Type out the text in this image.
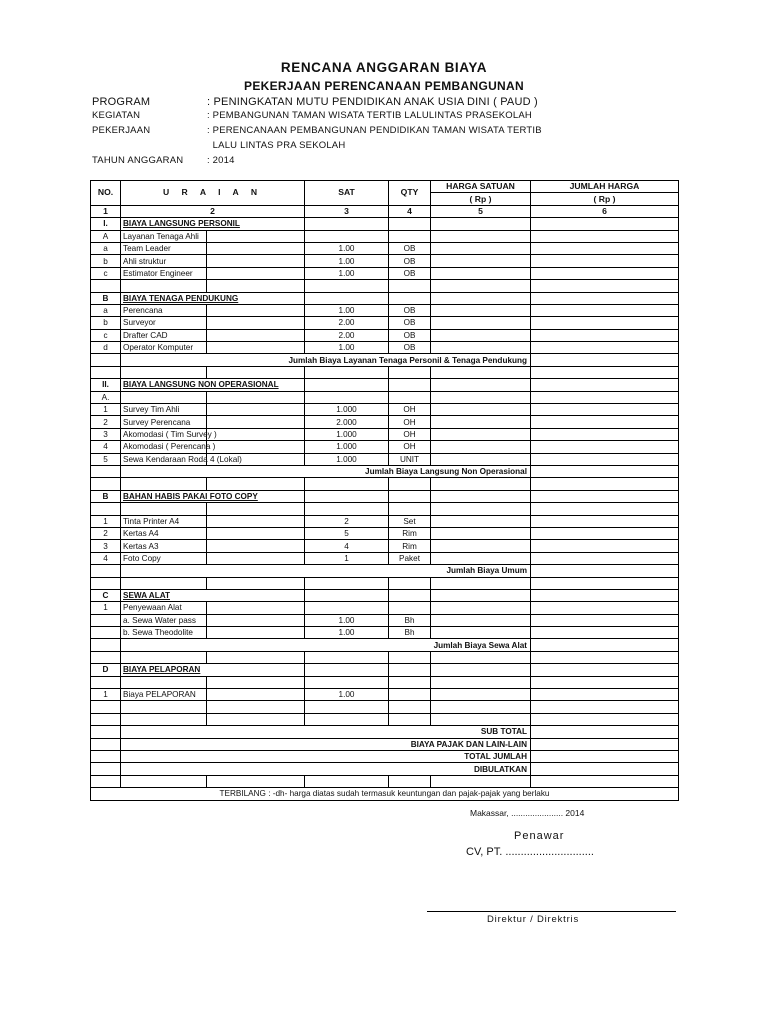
RENCANA ANGGARAN BIAYA
PEKERJAAN PERENCANAAN PEMBANGUNAN
NO.	U R A I A N		SAT	QTY	HARGA SATUAN	JUMLAH HARGA
					( Rp )	( Rp )
1	2		3	4	5	6
I.	BIAYA LANGSUNG PERSONIL					
A	Layanan Tenaga Ahli					
a	Team Leader		1.00	OB		
b	Ahli struktur		1.00	OB		
c	Estimator Engineer		1.00	OB		

B	BIAYA TENAGA PENDUKUNG					
a	Perencana		1.00	OB		
b	Surveyor		2.00	OB		
c	Drafter CAD		2.00	OB		
d	Operator Komputer		1.00	OB		
	Jumlah Biaya Layanan Tenaga Personil & Tenaga Pendukung					

II.	BIAYA LANGSUNG NON OPERASIONAL					
A.						
1	Survey Tim Ahli		1.000	OH		
2	Survey Perencana		2.000	OH		
3	Akomodasi ( Tim Survey )		1.000	OH		
4	Akomodasi ( Perencana )		1.000	OH		
5	Sewa Kendaraan Roda 4 (Lokal)		1.000	UNIT		
	Jumlah Biaya Langsung Non Operasional					

B	BAHAN HABIS PAKAI FOTO COPY					

1	Tinta Printer A4		2	Set		
2	Kertas A4		5	Rim		
3	Kertas A3		4	Rim		
4	Foto Copy		1	Paket		
	Jumlah Biaya Umum					

C	SEWA ALAT					
1	Penyewaan Alat					
	a. Sewa Water pass		1.00	Bh		
	b. Sewa Theodolite		1.00	Bh		
	Jumlah Biaya Sewa Alat					

D	BIAYA PELAPORAN					

1	Biaya PELAPORAN		1.00			

	SUB TOTAL					
	BIAYA PAJAK DAN LAIN-LAIN					
	TOTAL JUMLAH					
	DIBULATKAN					

TERBILANG : -dh- harga diatas sudah termasuk keuntungan dan pajak-pajak yang berlaku						
Makassar, ...................... 2014
Penawar
CV, PT. .............................
Direktur / Direktris
PROGRAM	: PENINGKATAN MUTU PENDIDIKAN ANAK USIA DINI ( PAUD )
KEGIATAN	: PEMBANGUNAN TAMAN WISATA TERTIB LALULINTAS PRASEKOLAH
PEKERJAAN	: PERENCANAAN PEMBANGUNAN PENDIDIKAN TAMAN WISATA TERTIB
LALU LINTAS PRA SEKOLAH
TAHUN ANGGARAN : 2014
